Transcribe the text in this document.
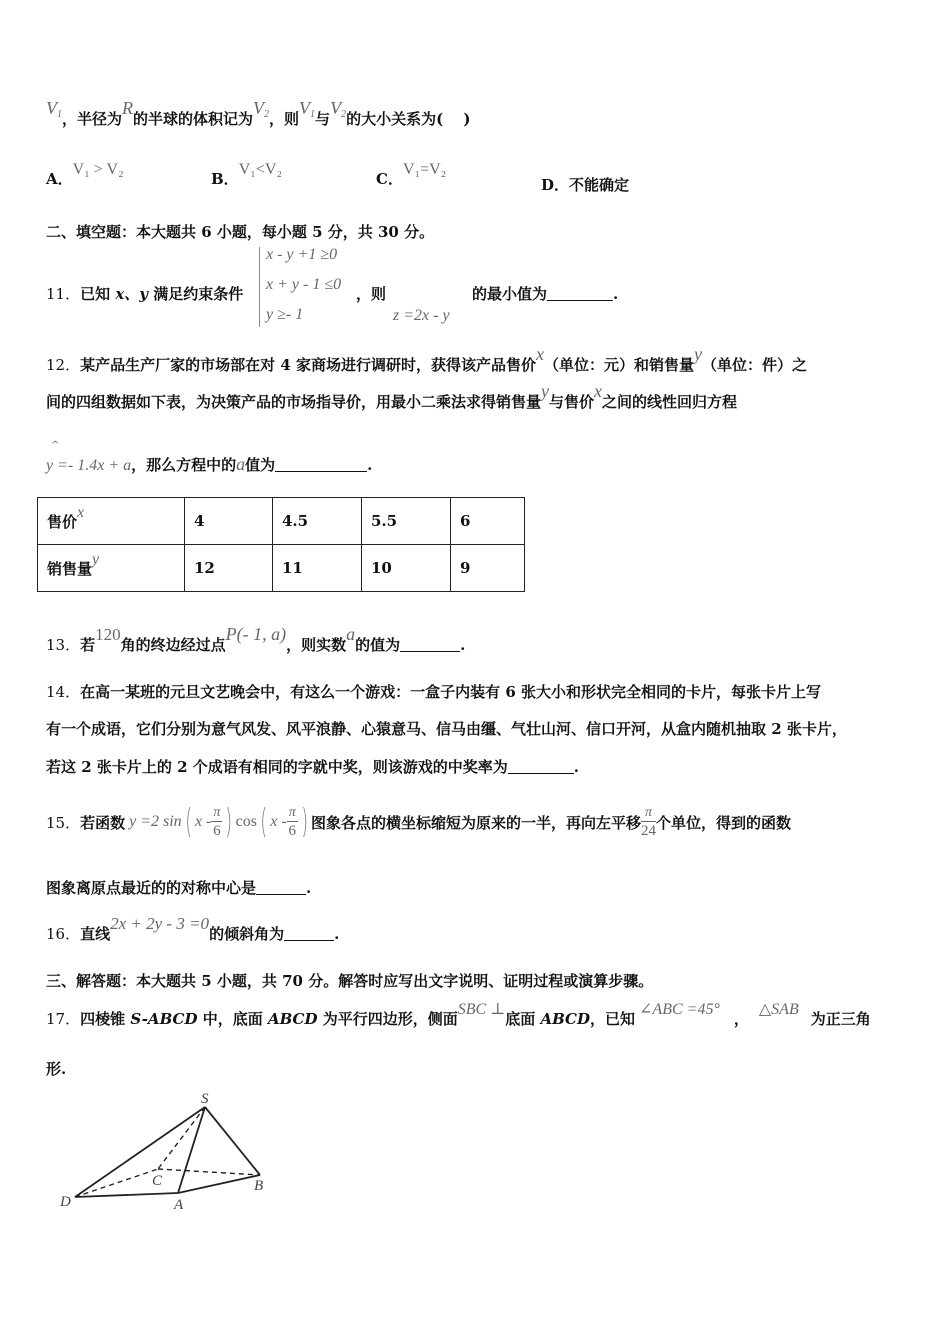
$V_1$，半径为R的半球的体积记为$V_2$，则$V_1$与$V_2$的大小关系为(　 )
A．V₁ > V₂
B．V₁<V₂
C．V₁=V₂
D．不能确定
二、填空题：本大题共 6 小题，每小题 5 分，共 30 分。
11．已知 x、y 满足约束条件
x - y +1 ≥0
x + y - 1 ≤0
y ≥- 1
，则
z =2x - y
的最小值为	.
12．某产品生产厂家的市场部在对 4 家商场进行调研时，获得该产品售价x（单位：元）和销售量y（单位：件）之
间的四组数据如下表，为决策产品的市场指导价，用最小二乘法求得销售量y与售价x之间的线性回归方程
^
y =- 1.4x + a，那么方程中的a值为	.
售价x	4	4.5	5.5	6
销售量y	12	11	10	9
13．若120角的终边经过点P(- 1, a)，则实数a的值为	.
14．在高一某班的元旦文艺晚会中，有这么一个游戏：一盒子内装有 6 张大小和形状完全相同的卡片，每张卡片上写
有一个成语，它们分别为意气风发、风平浪静、心猿意马、信马由缰、气壮山河、信口开河，从盒内随机抽取 2 张卡片，
若这 2 张卡片上的 2 个成语有相同的字就中奖，则该游戏的中奖率为	.
15． 若函数 y =2 sin ( x - $\frac{\pi}{6}$ ) cos ( x - $\frac{\pi}{6}$ ) 图象各点的横坐标缩短为原来的一半，再向左平移 $\frac{\pi}{24}$ 个单位，得到的函数
图象离原点最近的的对称中心是	.
16．直线2x + 2y - 3 =0的倾斜角为	.
三、解答题：本大题共 5 小题，共 70 分。解答时应写出文字说明、证明过程或演算步骤。
17．四棱锥 S-ABCD 中，底面 ABCD 为平行四边形，侧面SBC ⊥底面 ABCD，已知∠ABC =45°，△SAB为正三角
形.
S
C	B
D	A
